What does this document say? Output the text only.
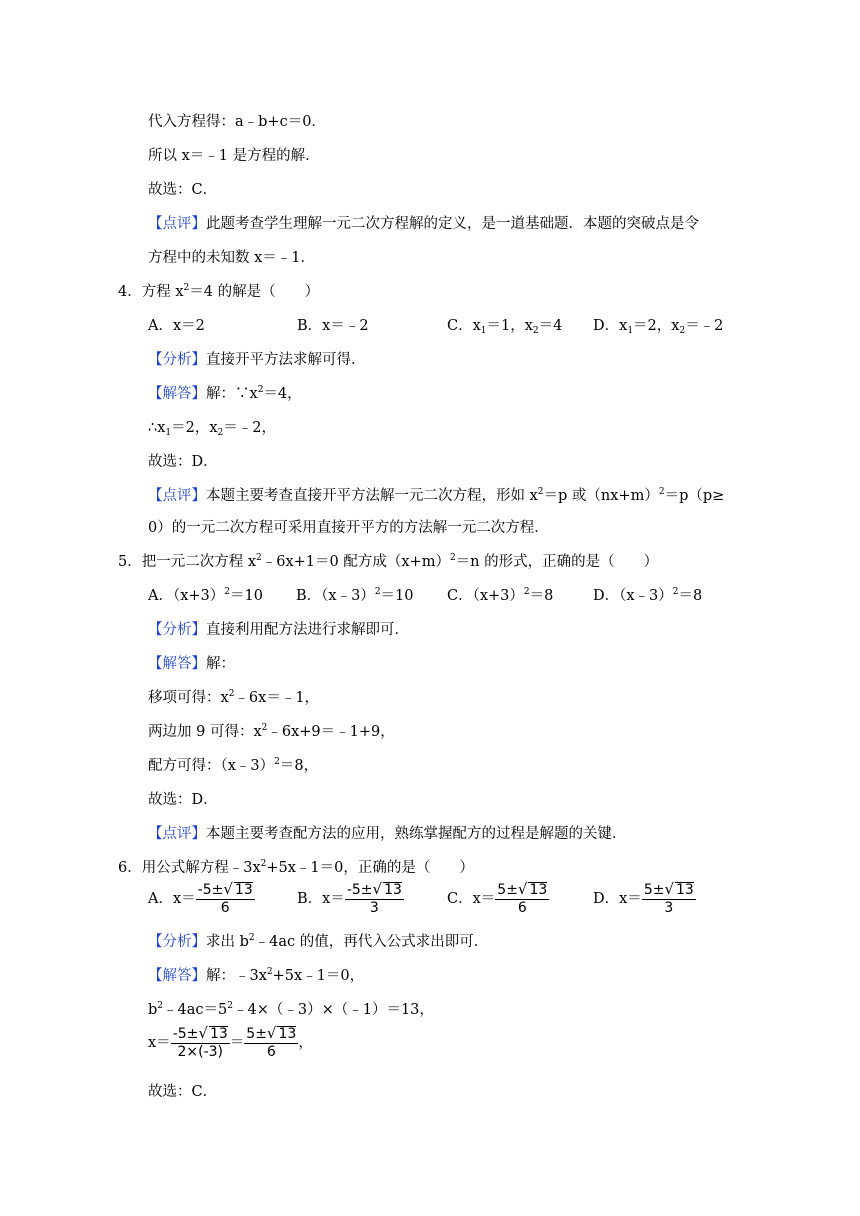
代入方程得：a﹣b+c＝0．
所以 x＝﹣1 是方程的解．
故选：C．
【点评】此题考查学生理解一元二次方程解的定义，是一道基础题．本题的突破点是令
方程中的未知数 x＝﹣1．
4．方程 $x^2=4$ 的解是（　　）
A．x＝2	B．x＝﹣2	C．$x_1=1$，$x_2=4$ D．$x_1=2$，$x_2=﹣2$
【分析】直接开平方法求解可得．
【解答】解：$\because x^2=4$，
$\therefore x_1=2$，$x_2=﹣2$，
故选：D．
【点评】本题主要考查直接开平方法解一元二次方程，形如 $x^2=p$ 或$(nx+m)^2=p(p\ge$
0）的一元二次方程可采用直接开平方的方法解一元二次方程．
5．把一元二次方程 $x^2﹣6x+1=0$ 配方成$(x+m)^2=n$ 的形式，正确的是（　　）
A．$(x+3)^2=10$ B．（x﹣3）$^2$＝10 C．$(x+3)^2=8$	D．（x﹣3）$^2$＝8
【分析】直接利用配方法进行求解即可．
【解答】解：
移项可得：$x^2﹣6x=﹣1$，
两边加 9 可得：$x^2﹣6x+9=﹣1+9$，
配方可得：（x﹣3）$^2$＝8，
故选：D．
【点评】本题主要考查配方法的应用，熟练掌握配方的过程是解题的关键．
6．用公式解方程$﹣3x^2+5x﹣1=0$，正确的是（　　）
A．$x= \frac{-5\pm√ 13}{6}$	B．$x= \frac{-5\pm√ 13}{3}$	C．$x= \frac{5\pm√ 13}{6}$	D．$x= \frac{5\pm√ 13}{3}$
【分析】求出 $b^2﹣4ac$ 的值，再代入公式求出即可．
【解答】解：$﹣3x^2+5x﹣1=0$，
$b^2﹣4ac=5^2﹣4\times(﹣3)\times(﹣1)=13$，
$x= \frac{-5\pm√ 13}{2\times(-3)} = \frac{5\pm√ 13}{6}$ ，
故选：C．
